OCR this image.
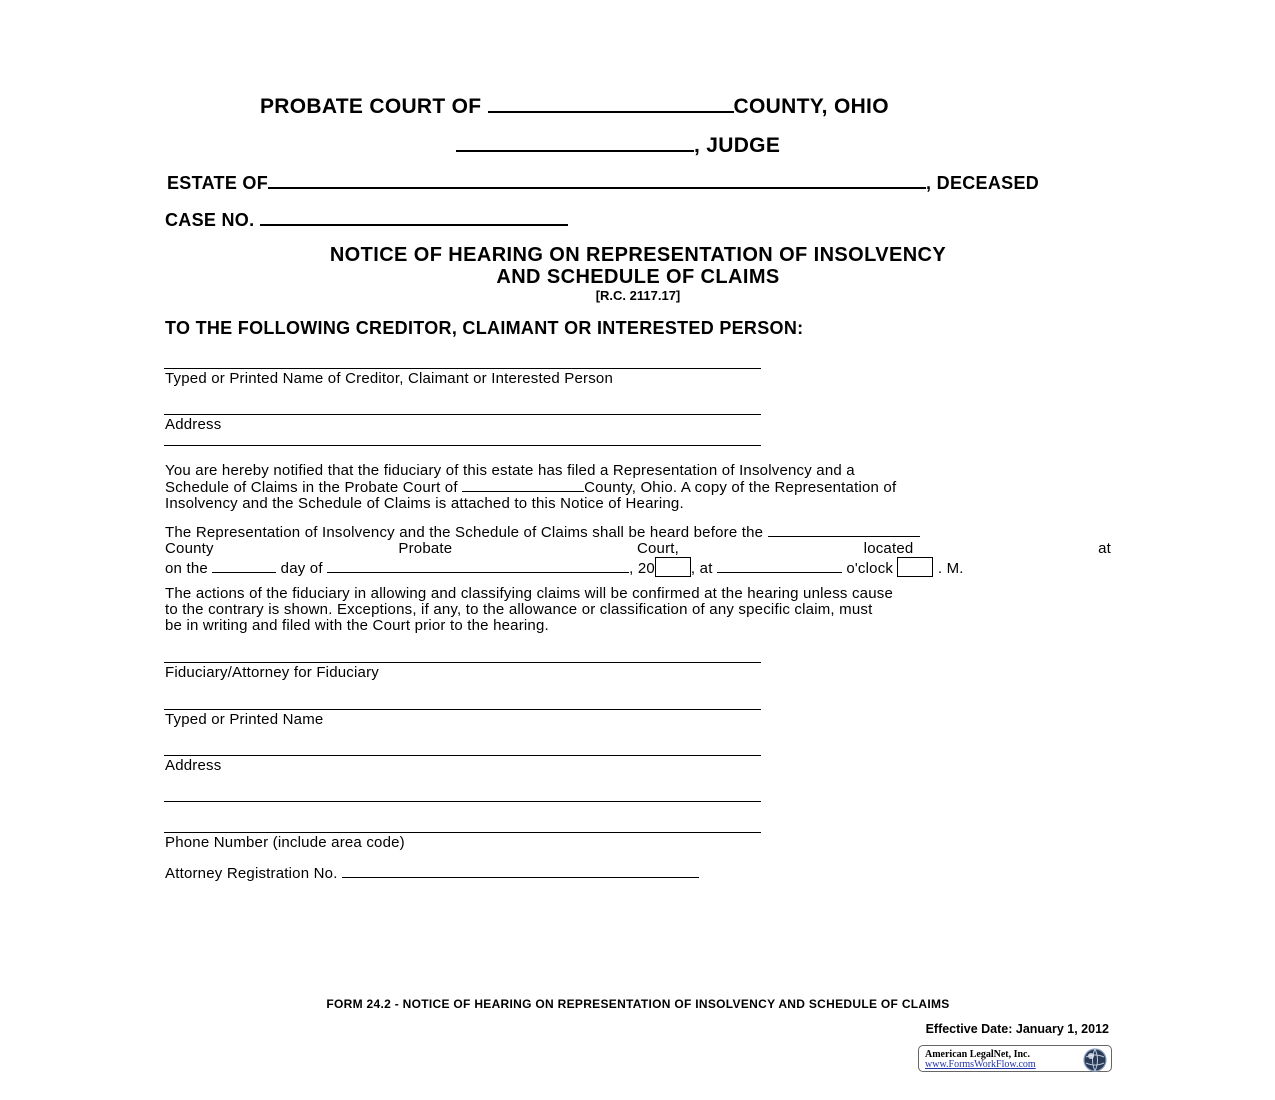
PROBATE COURT OF	COUNTY, OHIO
, JUDGE
ESTATE OF	, DECEASED
CASE NO.
NOTICE OF HEARING ON REPRESENTATION OF INSOLVENCY
AND SCHEDULE OF CLAIMS
[R.C. 2117.17]
TO THE FOLLOWING CREDITOR, CLAIMANT OR INTERESTED PERSON:
Typed or Printed Name of Creditor, Claimant or Interested Person
Address
You are hereby notified that the fiduciary of this estate has filed a Representation of Insolvency and a
Schedule of Claims in the Probate Court of	County, Ohio. A copy of the Representation of
Insolvency and the Schedule of Claims is attached to this Notice of Hearing.
The Representation of Insolvency and the Schedule of Claims shall be heard before the
County	Probate	Court,	located	at
on the	day of	, 20 , at	o'clock	. M.
The actions of the fiduciary in allowing and classifying claims will be confirmed at the hearing unless cause
to the contrary is shown. Exceptions, if any, to the allowance or classification of any specific claim, must
be in writing and filed with the Court prior to the hearing.
Fiduciary/Attorney for Fiduciary
Typed or Printed Name
Address
Phone Number (include area code)
Attorney Registration No.
FORM 24.2 - NOTICE OF HEARING ON REPRESENTATION OF INSOLVENCY AND SCHEDULE OF CLAIMS
Effective Date: January 1, 2012
American LegalNet, Inc.
www.FormsWorkFlow.com
